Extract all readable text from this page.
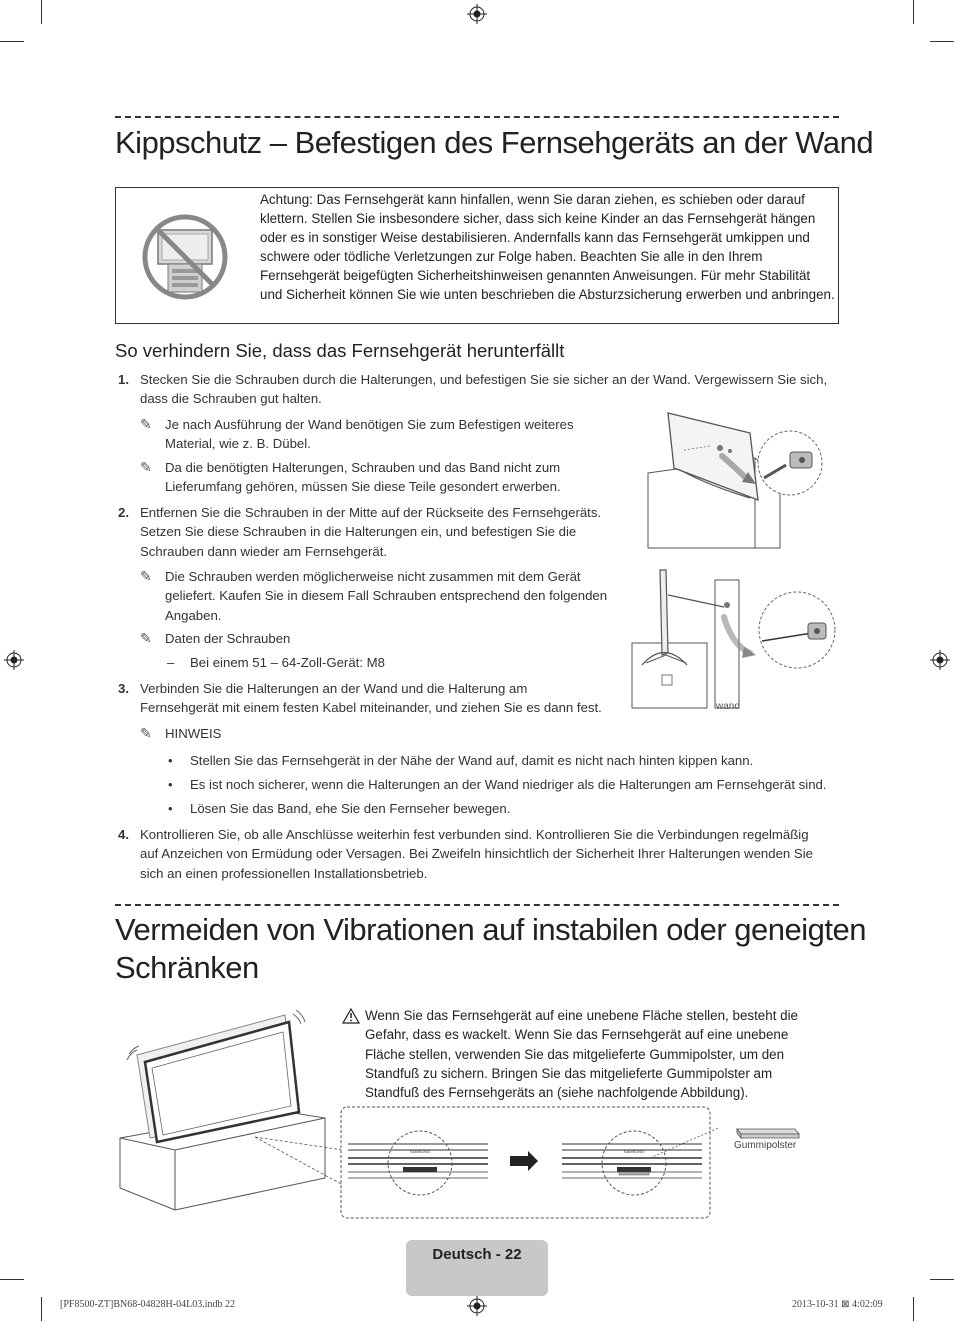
Kippschutz – Befestigen des Fernsehgeräts an der Wand
Achtung: Das Fernsehgerät kann hinfallen, wenn Sie daran ziehen, es schieben oder darauf klettern. Stellen Sie insbesondere sicher, dass sich keine Kinder an das Fernsehgerät hängen oder es in sonstiger Weise destabilisieren. Andernfalls kann das Fernsehgerät umkippen und schwere oder tödliche Verletzungen zur Folge haben. Beachten Sie alle in den Ihrem Fernsehgerät beigefügten Sicherheitshinweisen genannten Anweisungen. Für mehr Stabilität und Sicherheit können Sie wie unten beschrieben die Absturzsicherung erwerben und anbringen.
So verhindern Sie, dass das Fernsehgerät herunterfällt
1. Stecken Sie die Schrauben durch die Halterungen, und befestigen Sie sie sicher an der Wand. Vergewissern Sie sich, dass die Schrauben gut halten.
✎ Je nach Ausführung der Wand benötigen Sie zum Befestigen weiteres Material, wie z. B. Dübel.
✎ Da die benötigten Halterungen, Schrauben und das Band nicht zum Lieferumfang gehören, müssen Sie diese Teile gesondert erwerben.
2. Entfernen Sie die Schrauben in der Mitte auf der Rückseite des Fernsehgeräts. Setzen Sie diese Schrauben in die Halterungen ein, und befestigen Sie die Schrauben dann wieder am Fernsehgerät.
✎ Die Schrauben werden möglicherweise nicht zusammen mit dem Gerät geliefert. Kaufen Sie in diesem Fall Schrauben entsprechend den folgenden Angaben.
✎ Daten der Schrauben
– Bei einem 51 – 64-Zoll-Gerät: M8
3. Verbinden Sie die Halterungen an der Wand und die Halterung am Fernsehgerät mit einem festen Kabel miteinander, und ziehen Sie es dann fest.
✎ HINWEIS
• Stellen Sie das Fernsehgerät in der Nähe der Wand auf, damit es nicht nach hinten kippen kann.
• Es ist noch sicherer, wenn die Halterungen an der Wand niedriger als die Halterungen am Fernsehgerät sind.
• Lösen Sie das Band, ehe Sie den Fernseher bewegen.
4. Kontrollieren Sie, ob alle Anschlüsse weiterhin fest verbunden sind. Kontrollieren Sie die Verbindungen regelmäßig auf Anzeichen von Ermüdung oder Versagen. Bei Zweifeln hinsichtlich der Sicherheit Ihrer Halterungen wenden Sie sich an einen professionellen Installationsbetrieb.
wand
Vermeiden von Vibrationen auf instabilen oder geneigten
Schränken
Wenn Sie das Fernsehgerät auf eine unebene Fläche stellen, besteht die Gefahr, dass es wackelt. Wenn Sie das Fernsehgerät auf eine unebene Fläche stellen, verwenden Sie das mitgelieferte Gummipolster, um den Standfuß zu sichern. Bringen Sie das mitgelieferte Gummipolster am Standfuß des Fernsehgeräts an (siehe nachfolgende Abbildung).
SAMSUNG	SAMSUNG
Gummipolster
Deutsch - 22
[PF8500-ZT]BN68-04828H-04L03.indb 22	2013-10-31 ⊠ 4:02:09
